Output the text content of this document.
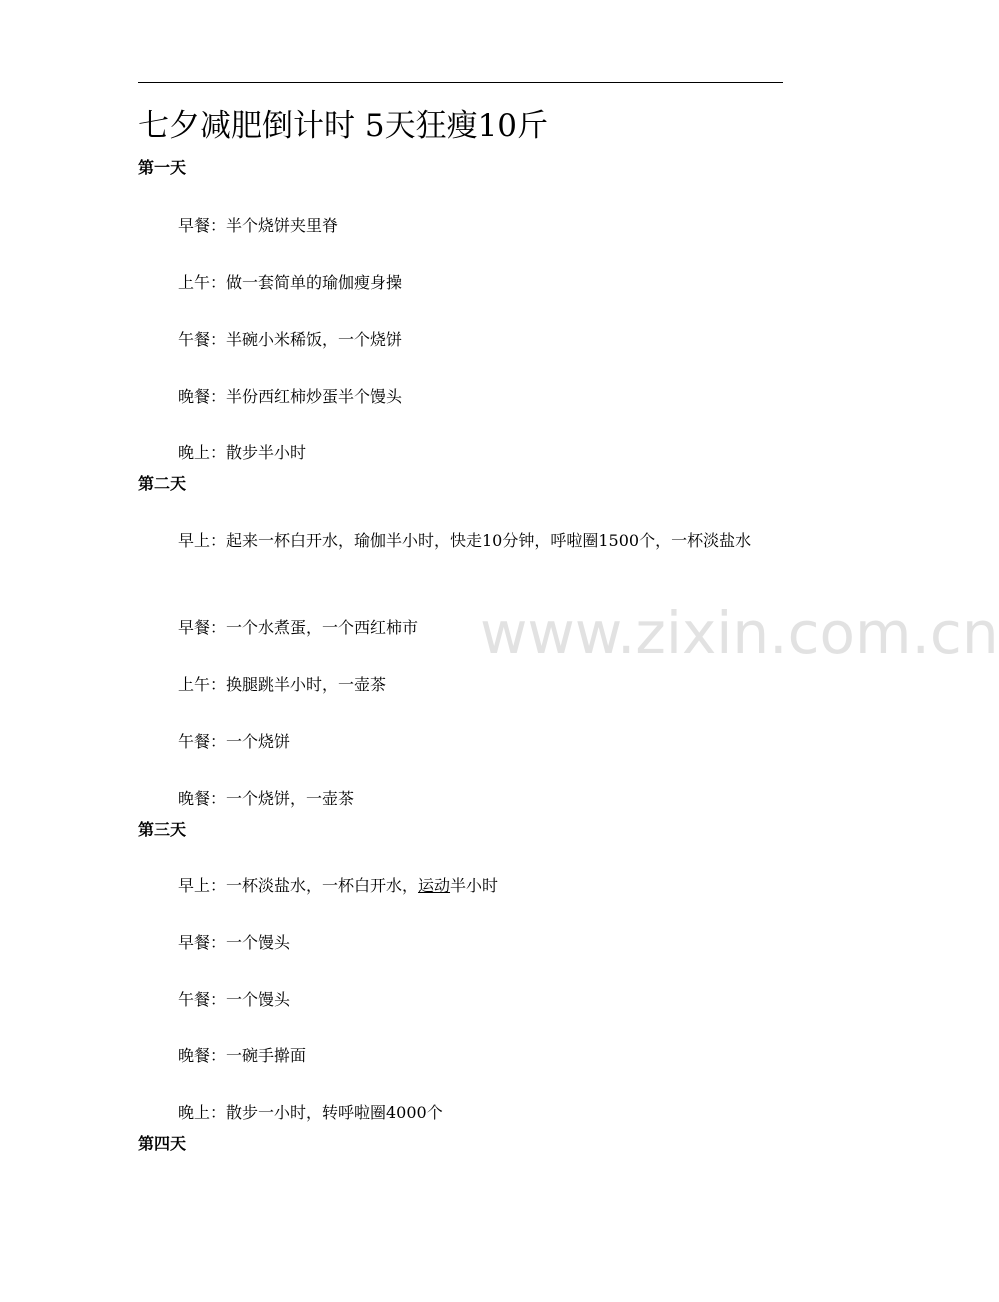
七夕减肥倒计时 5天狂瘦10斤
第一天

早餐：半个烧饼夹里脊

上午：做一套简单的瑜伽瘦身操

午餐：半碗小米稀饭，一个烧饼

晚餐：半份西红柿炒蛋半个馒头

晚上：散步半小时

第二天

早上：起来一杯白开水，瑜伽半小时，快走10分钟，呼啦圈1500个，一杯淡盐水

早餐：一个水煮蛋，一个西红柿市

上午：换腿跳半小时，一壶茶

午餐：一个烧饼

晚餐：一个烧饼，一壶茶

第三天

早上：一杯淡盐水，一杯白开水，运动半小时

早餐：一个馒头

午餐：一个馒头

晚餐：一碗手擀面

晚上：散步一小时，转呼啦圈4000个

第四天
www.zixin.com.cn
